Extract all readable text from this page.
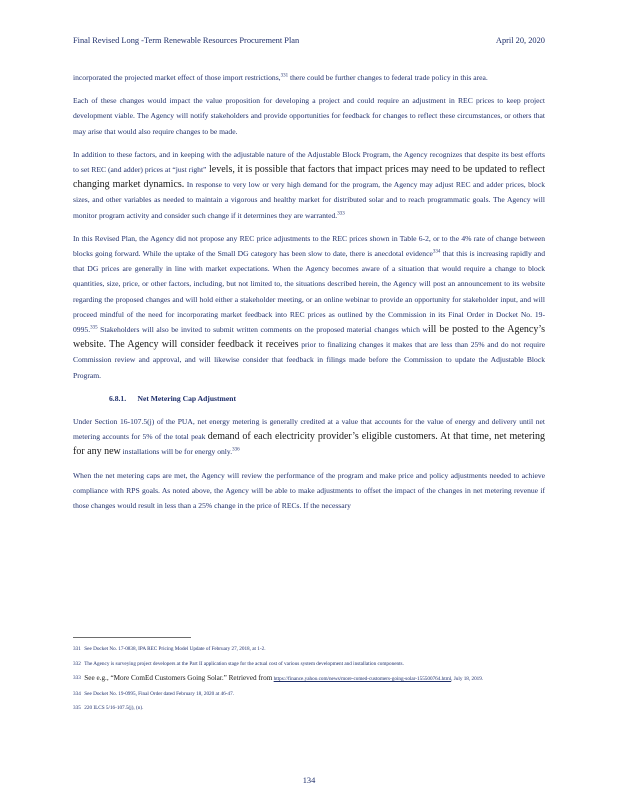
Final Revised Long -Term Renewable Resources Procurement Plan	April 20, 2020

incorporated the projected market effect of those import restrictions,$^{331}$ there could be further changes to federal trade policy in this area.

Each of these changes would impact the value proposition for developing a project and could require an adjustment in REC prices to keep project development viable. The Agency will notify stakeholders and provide opportunities for feedback for changes to reflect these circumstances, or others that may arise that would also require changes to be made.

In addition to these factors, and in keeping with the adjustable nature of the Adjustable Block Program, the Agency recognizes that despite its best efforts to set REC (and adder) prices at “just right” levels, it is possible that factors that impact prices may need to be updated to reflect changing market dynamics. In response to very low or very high demand for the program, the Agency may adjust REC and adder prices, block sizes, and other variables as needed to maintain a vigorous and healthy market for distributed solar and to reach programmatic goals. The Agency will monitor program activity and consider such change if it determines they are warranted.$^{333}$

In this Revised Plan, the Agency did not propose any REC price adjustments to the REC prices shown in Table 6-2, or to the 4% rate of change between blocks going forward. While the uptake of the Small DG category has been slow to date, there is anecdotal evidence$^{334}$ that this is increasing rapidly and that DG prices are generally in line with market expectations. When the Agency becomes aware of a situation that would require a change to block quantities, size, price, or other factors, including, but not limited to, the situations described herein, the Agency will post an announcement to its website regarding the proposed changes and will hold either a stakeholder meeting, or an online webinar to provide an opportunity for stakeholder input, and will proceed mindful of the need for incorporating market feedback into REC prices as outlined by the Commission in its Final Order in Docket No. 19-0995.$^{335}$ Stakeholders will also be invited to submit written comments on the proposed material changes which will be posted to the Agency’s website. The Agency will consider feedback it receives prior to finalizing changes it makes that are less than 25% and do not require Commission review and approval, and will likewise consider that feedback in filings made before the Commission to update the Adjustable Block Program.

6.8.1. Net Metering Cap Adjustment

Under Section 16-107.5(j) of the PUA, net energy metering is generally credited at a value that accounts for the value of energy and delivery until net metering accounts for 5% of the total peak demand of each electricity provider’s eligible customers. At that time, net metering for any new installations will be for energy only.$^{336}$

When the net metering caps are met, the Agency will review the performance of the program and make price and policy adjustments needed to achieve compliance with RPS goals. As noted above, the Agency will be able to make adjustments to offset the impact of the changes in net metering revenue if those changes would result in less than a 25% change in the price of RECs. If the necessary

331 See Docket No. 17-0838, IPA REC Pricing Model Update of February 27, 2018, at 1-2.
332 The Agency is surveying project developers at the Part II application stage for the actual cost of various system development and installation components.
333 See e.g., “More ComEd Customers Going Solar.” Retrieved from https://finance.yahoo.com/news/more-comed-customers-going-solar-155500764.html, July 18, 2019.
334 See Docket No. 19-0995, Final Order dated February 18, 2020 at 46-47.
335 220 ILCS 5/16-107.5(j), (n).
134
